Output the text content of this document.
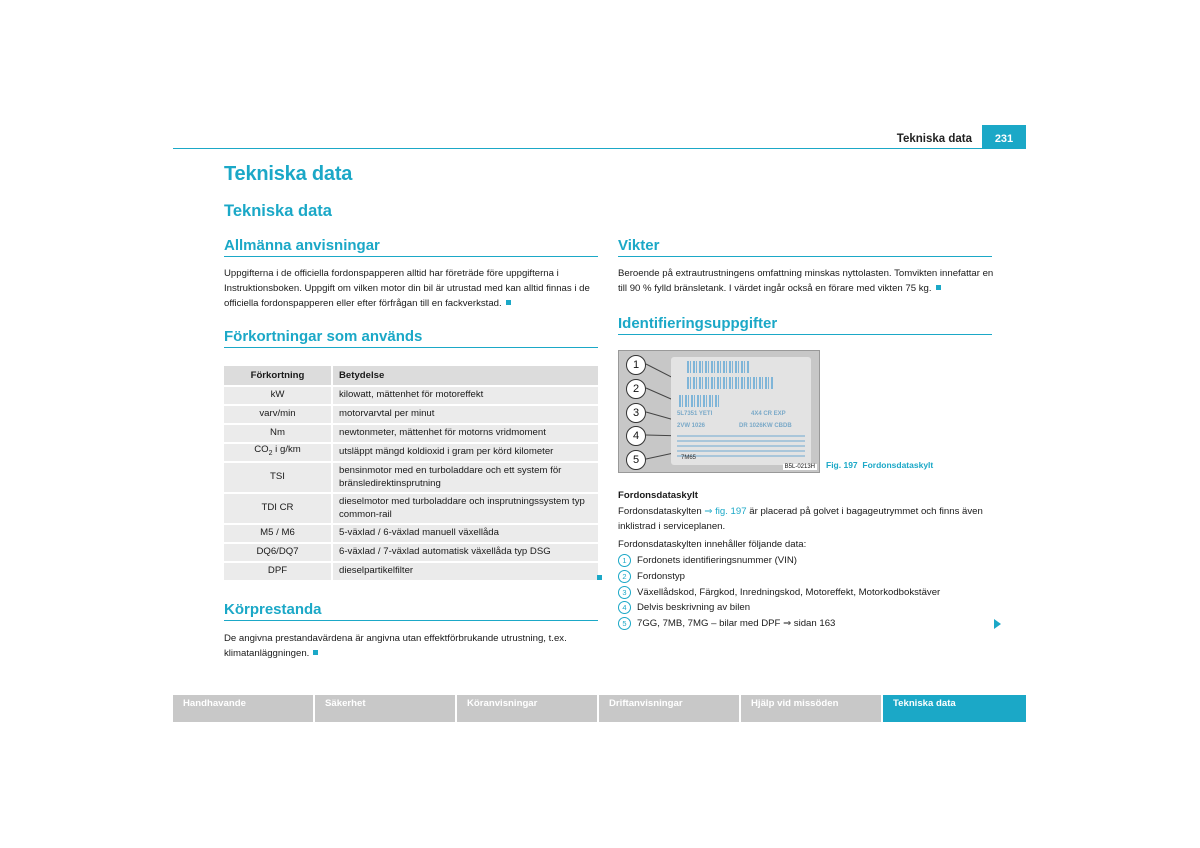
Tekniska data	231
Tekniska data
Tekniska data
Allmänna anvisningar
Uppgifterna i de officiella fordonspapperen alltid har företräde före uppgifterna i Instruktionsboken. Uppgift om vilken motor din bil är utrustad med kan alltid finnas i de officiella fordonspapperen eller efter förfrågan till en fackverkstad.
Förkortningar som används
Förkortning	Betydelse
kW	kilowatt, mättenhet för motoreffekt
varv/min	motorvarvtal per minut
Nm	newtonmeter, mättenhet för motorns vridmoment
$CO_2$ i g/km	utsläppt mängd koldioxid i gram per körd kilometer
TSI	bensinmotor med en turboladdare och ett system för bränsledirektinsprutning
TDI CR	dieselmotor med turboladdare och insprutningssystem typ common-rail
M5 / M6	5-växlad / 6-växlad manuell växellåda
DQ6/DQ7	6-växlad / 7-växlad automatisk växellåda typ DSG
DPF	dieselpartikelfilter
Körprestanda
De angivna prestandavärdena är angivna utan effektförbrukande utrustning, t.ex. klimatanläggningen.
Vikter
Beroende på extrautrustningens omfattning minskas nyttolasten. Tomvikten innefattar en till 90 % fylld bränsletank. I värdet ingår också en förare med vikten 75 kg.
Identifieringsuppgifter
1
2
3
4
5
5L7351 YETI	4X4 CR EXP
2VW 1026	DR 1026KW CBDB
7M65
B5L-0213H Fig. 197 Fordonsdataskylt
Fordonsdataskylt
Fordonsdataskylten ⇒ fig. 197 är placerad på golvet i bagageutrymmet och finns även inklistrad i serviceplanen.
Fordonsdataskylten innehåller följande data:
1 Fordonets identifieringsnummer (VIN)
2 Fordonstyp
3 Växellådskod, Färgkod, Inredningskod, Motoreffekt, Motorkodbokstäver
4 Delvis beskrivning av bilen
5 7GG, 7MB, 7MG – bilar med DPF ⇒ sidan 163
Handhavande	Säkerhet	Köranvisningar	Driftanvisningar	Hjälp vid missöden	Tekniska data
